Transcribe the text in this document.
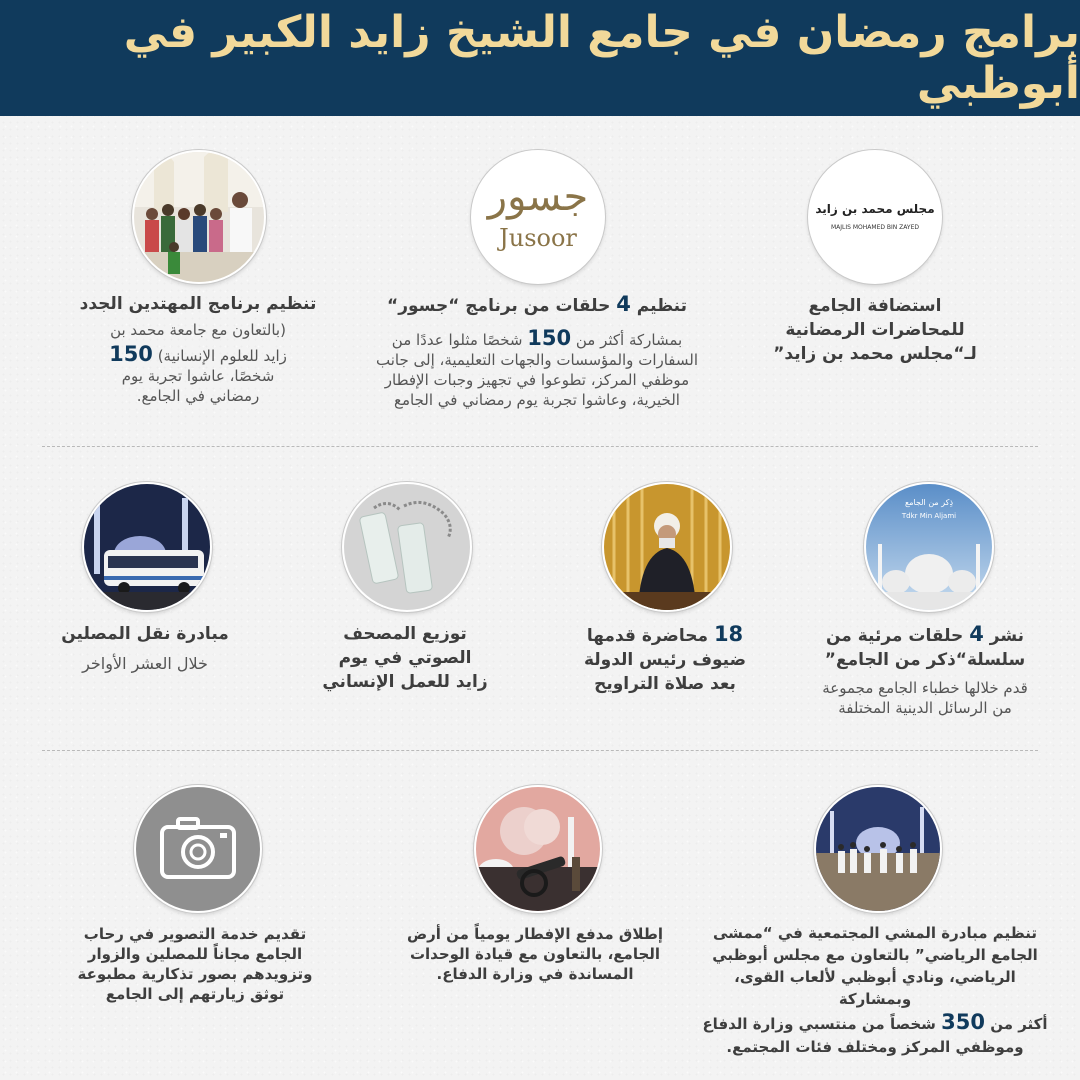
برامج رمضان في جامع الشيخ زايد الكبير في أبوظبي
مجلس محمد بن زايد
MAJLIS MOHAMED BIN ZAYED
استضافة الجامع
للمحاضرات الرمضانية
لـ“مجلس محمد بن زايد”
جسور
Jusoor
تنظيم 4 حلقات من برنامج “جسور“
بمشاركة أكثر من 150 شخصًا مثلوا عددًا من
السفارات والمؤسسات والجهات التعليمية، إلى جانب
موظفي المركز، تطوعوا في تجهيز وجبات الإفطار
الخيرية، وعاشوا تجربة يوم رمضاني في الجامع
تنظيم برنامج المهتدين الجدد
(بالتعاون مع جامعة محمد بن
زايد للعلوم الإنسانية) 150
شخصًا، عاشوا تجربة يوم
رمضاني في الجامع.
ذِكر من الجامع
Tdkr Min Aljami
نشر 4 حلقات مرئية من
سلسلة“ذكر من الجامع”
قدم خلالها خطباء الجامع مجموعة
من الرسائل الدينية المختلفة
18 محاضرة قدمها
ضيوف رئيس الدولة
بعد صلاة التراويح
توزيع المصحف
الصوتي في يوم
زايد للعمل الإنساني
مبادرة نقل المصلين
خلال العشر الأواخر
تنظيم مبادرة المشي المجتمعية في “ممشى
الجامع الرياضي” بالتعاون مع مجلس أبوظبي
الرياضي، ونادي أبوظبي لألعاب القوى، وبمشاركة
أكثر من 350 شخصاً من منتسبي وزارة الدفاع
وموظفي المركز ومختلف فئات المجتمع.
إطلاق مدفع الإفطار يومياً من أرض
الجامع، بالتعاون مع قيادة الوحدات
المساندة في وزارة الدفاع.
تقديم خدمة التصوير في رحاب
الجامع مجاناً للمصلين والزوار
وتزويدهم بصور تذكارية مطبوعة
توثق زيارتهم إلى الجامع
